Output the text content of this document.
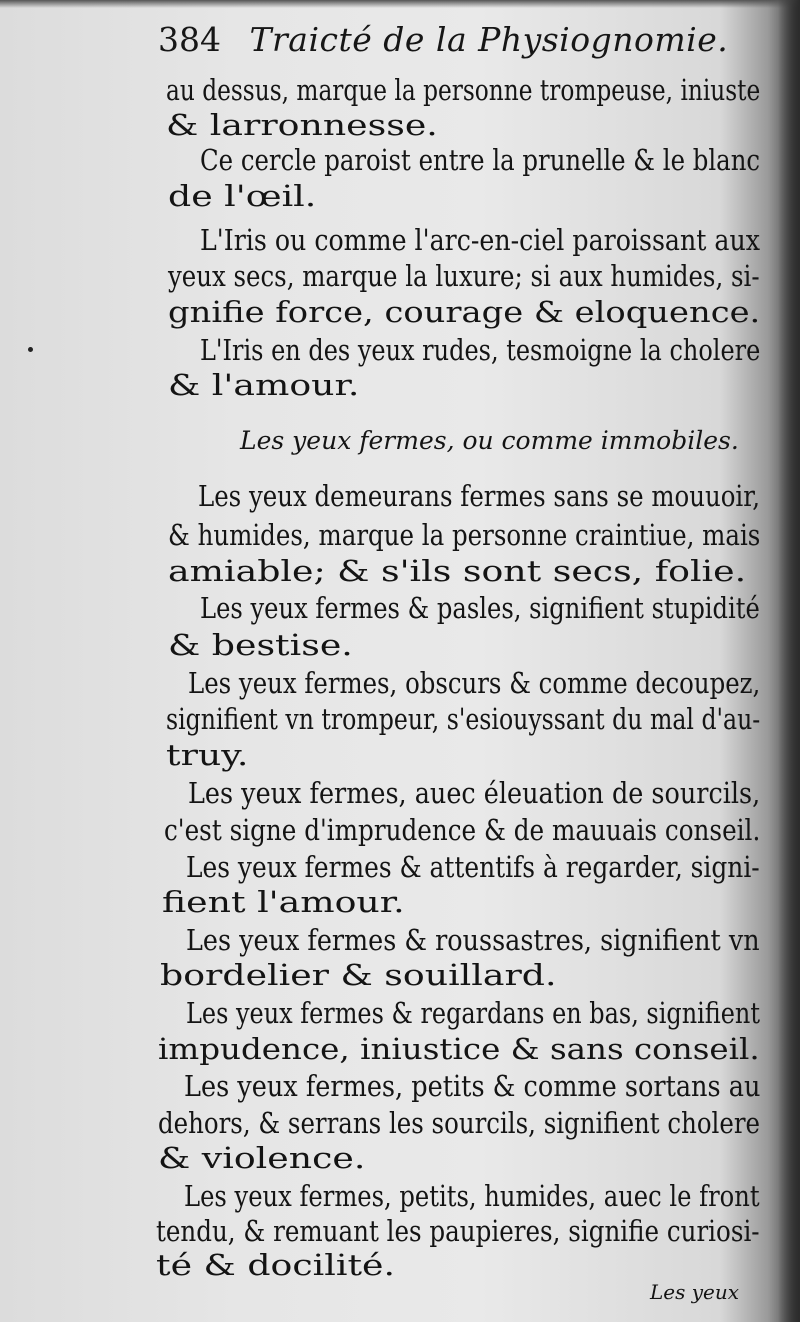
384 Traicté de la Physiognomie.
au dessus, marque la personne trompeuse, iniuste
& larronnesse.
Ce cercle paroist entre la prunelle & le blanc
de l'œil.
L'Iris ou comme l'arc-en-ciel paroissant aux
yeux secs, marque la luxure; si aux humides, si-
gnifie force, courage & eloquence.
L'Iris en des yeux rudes, tesmoigne la cholere
& l'amour.
Les yeux fermes, ou comme immobiles.
Les yeux demeurans fermes sans se mouuoir,
& humides, marque la personne craintiue, mais
amiable; & s'ils sont secs, folie.
Les yeux fermes & pasles, signifient stupidité
& bestise.
Les yeux fermes, obscurs & comme decoupez,
signifient vn trompeur, s'esiouyssant du mal d'au-
truy.
Les yeux fermes, auec éleuation de sourcils,
c'est signe d'imprudence & de mauuais conseil.
Les yeux fermes & attentifs à regarder, signi-
fient l'amour.
Les yeux fermes & roussastres, signifient vn
bordelier & souillard.
Les yeux fermes & regardans en bas, signifient
impudence, iniustice & sans conseil.
Les yeux fermes, petits & comme sortans au
dehors, & serrans les sourcils, signifient cholere
& violence.
Les yeux fermes, petits, humides, auec le front
tendu, & remuant les paupieres, signifie curiosi-
té & docilité.
Les yeux
